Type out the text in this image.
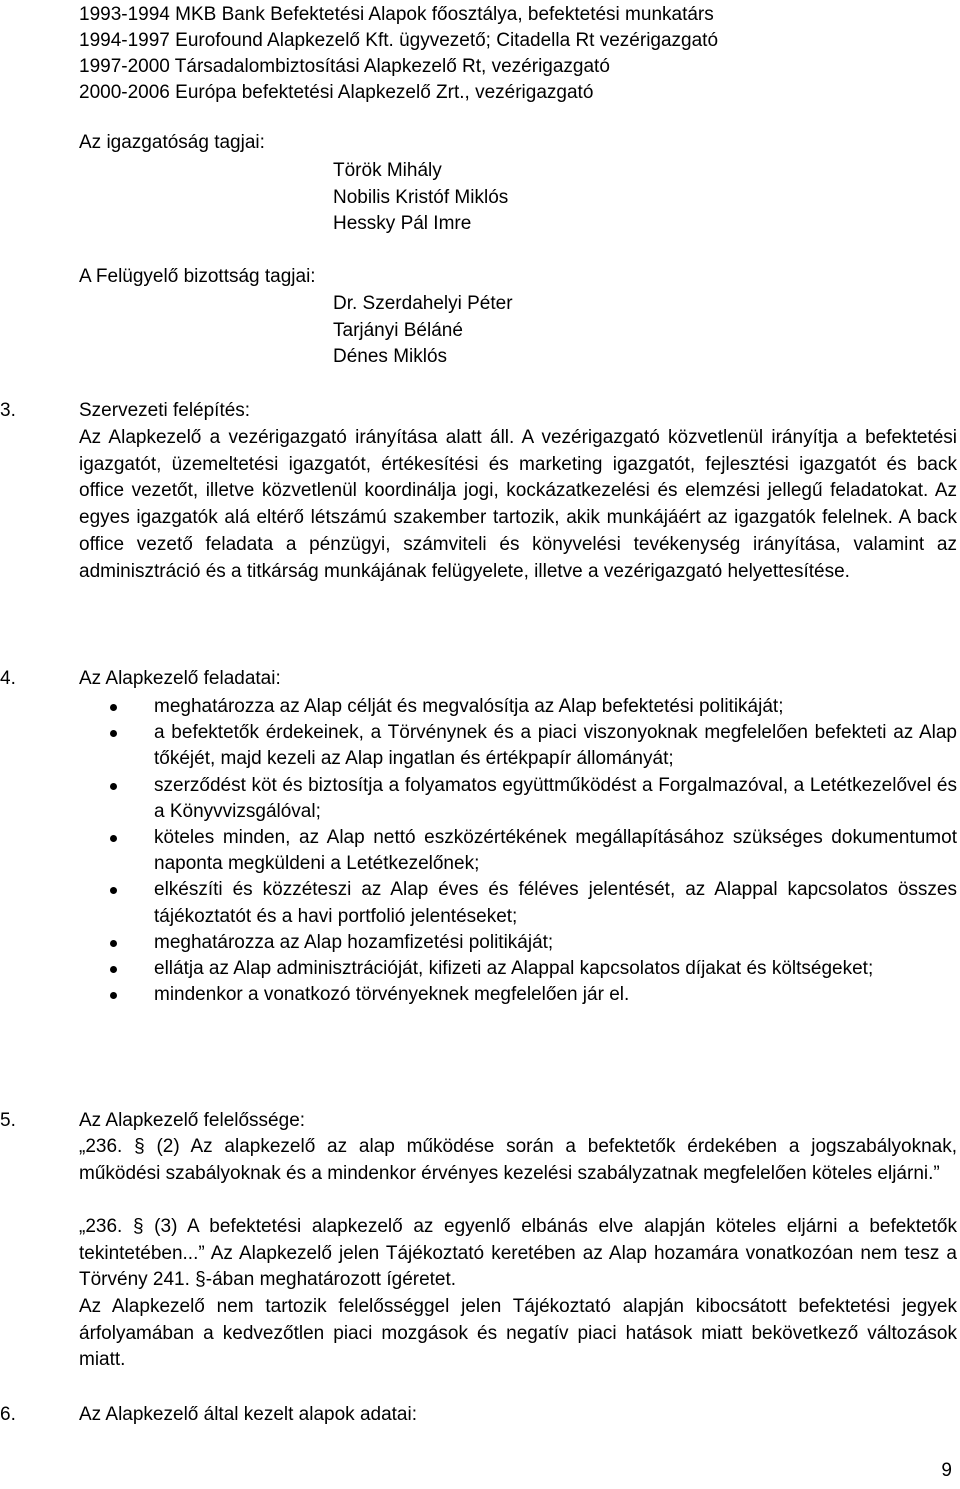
1993-1994 MKB Bank Befektetési Alapok főosztálya, befektetési munkatárs
1994-1997 Eurofound Alapkezelő Kft. ügyvezető; Citadella Rt vezérigazgató
1997-2000 Társadalombiztosítási Alapkezelő Rt, vezérigazgató
2000-2006 Európa befektetési Alapkezelő Zrt., vezérigazgató
Az igazgatóság tagjai:
Török Mihály
Nobilis Kristóf Miklós
Hessky Pál Imre
A Felügyelő bizottság tagjai:
Dr. Szerdahelyi Péter
Tarjányi Béláné
Dénes Miklós
3.	Szervezeti felépítés:
Az Alapkezelő a vezérigazgató irányítása alatt áll. A vezérigazgató közvetlenül irányítja a befektetési igazgatót, üzemeltetési igazgatót, értékesítési és marketing igazgatót, fejlesztési igazgatót és back office vezetőt, illetve közvetlenül koordinálja jogi, kockázatkezelési és elemzési jellegű feladatokat. Az egyes igazgatók alá eltérő létszámú szakember tartozik, akik munkájáért az igazgatók felelnek. A back office vezető feladata a pénzügyi, számviteli és könyvelési tevékenység irányítása, valamint az adminisztráció és a titkárság munkájának felügyelete, illetve a vezérigazgató helyettesítése.
4.	Az Alapkezelő feladatai:
meghatározza az Alap célját és megvalósítja az Alap befektetési politikáját;
a befektetők érdekeinek, a Törvénynek és a piaci viszonyoknak megfelelően befekteti az Alap tőkéjét, majd kezeli az Alap ingatlan és értékpapír állományát;
szerződést köt és biztosítja a folyamatos együttműködést a Forgalmazóval, a Letétkezelővel és a Könyvvizsgálóval;
köteles minden, az Alap nettó eszközértékének megállapításához szükséges dokumentumot naponta megküldeni a Letétkezelőnek;
elkészíti és közzéteszi az Alap éves és féléves jelentését, az Alappal kapcsolatos összes tájékoztatót és a havi portfolió jelentéseket;
meghatározza az Alap hozamfizetési politikáját;
ellátja az Alap adminisztrációját, kifizeti az Alappal kapcsolatos díjakat és költségeket;
mindenkor a vonatkozó törvényeknek megfelelően jár el.
5.	Az Alapkezelő felelőssége:
„236. § (2) Az alapkezelő az alap működése során a befektetők érdekében a jogszabályoknak, működési szabályoknak és a mindenkor érvényes kezelési szabályzatnak megfelelően köteles eljárni.”
„236. § (3) A befektetési alapkezelő az egyenlő elbánás elve alapján köteles eljárni a befektetők tekintetében...” Az Alapkezelő jelen Tájékoztató keretében az Alap hozamára vonatkozóan nem tesz a Törvény 241. §-ában meghatározott ígéretet.
Az Alapkezelő nem tartozik felelősséggel jelen Tájékoztató alapján kibocsátott befektetési jegyek árfolyamában a kedvezőtlen piaci mozgások és negatív piaci hatások miatt bekövetkező változások miatt.
6.	Az Alapkezelő által kezelt alapok adatai:
9
